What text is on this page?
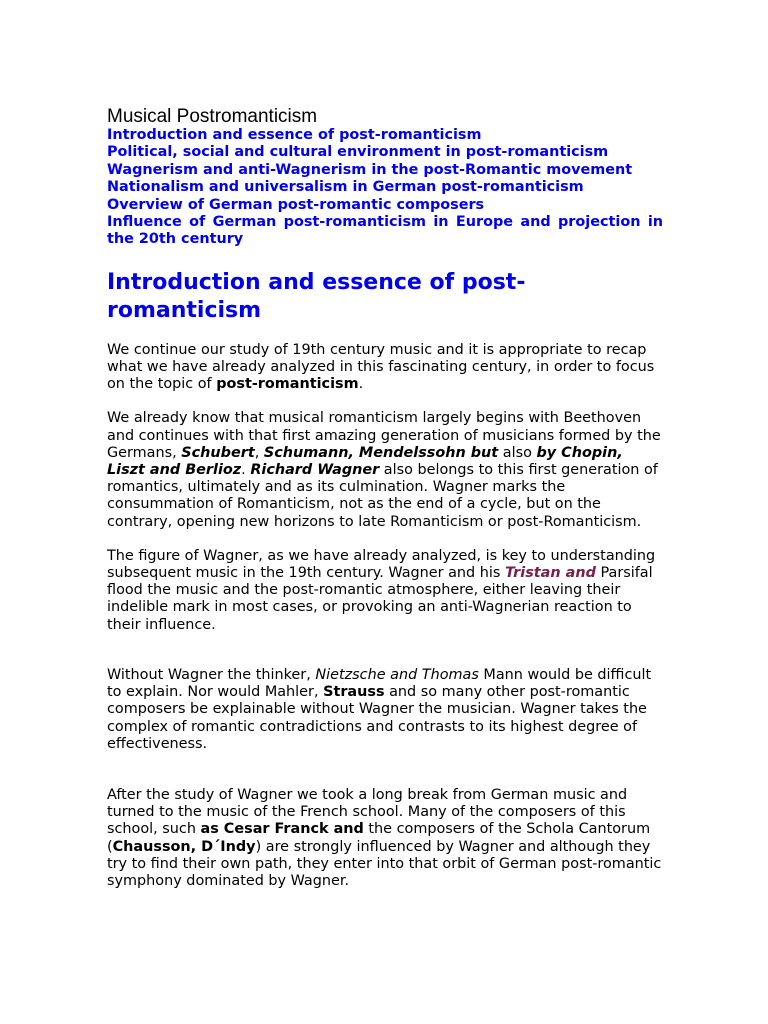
Musical Postromanticism
Introduction and essence of post-romanticism
Political, social and cultural environment in post-romanticism
Wagnerism and anti-Wagnerism in the post-Romantic movement
Nationalism and universalism in German post-romanticism
Overview of German post-romantic composers
Influence of German post-romanticism in Europe and projection in the 20th century
Introduction and essence of post-romanticism

We continue our study of 19th century music and it is appropriate to recap what we have already analyzed in this fascinating century, in order to focus on the topic of post-romanticism.

We already know that musical romanticism largely begins with Beethoven and continues with that first amazing generation of musicians formed by the Germans, Schubert, Schumann, Mendelssohn but also by Chopin, Liszt and Berlioz. Richard Wagner also belongs to this first generation of romantics, ultimately and as its culmination. Wagner marks the consummation of Romanticism, not as the end of a cycle, but on the contrary, opening new horizons to late Romanticism or post-Romanticism.

The figure of Wagner, as we have already analyzed, is key to understanding subsequent music in the 19th century. Wagner and his Tristan and Parsifal flood the music and the post-romantic atmosphere, either leaving their indelible mark in most cases, or provoking an anti-Wagnerian reaction to their influence.

Without Wagner the thinker, Nietzsche and Thomas Mann would be difficult to explain. Nor would Mahler, Strauss and so many other post-romantic composers be explainable without Wagner the musician. Wagner takes the complex of romantic contradictions and contrasts to its highest degree of effectiveness.

After the study of Wagner we took a long break from German music and turned to the music of the French school. Many of the composers of this school, such as Cesar Franck and the composers of the Schola Cantorum (Chausson, D´Indy) are strongly influenced by Wagner and although they try to find their own path, they enter into that orbit of German post-romantic symphony dominated by Wagner.
